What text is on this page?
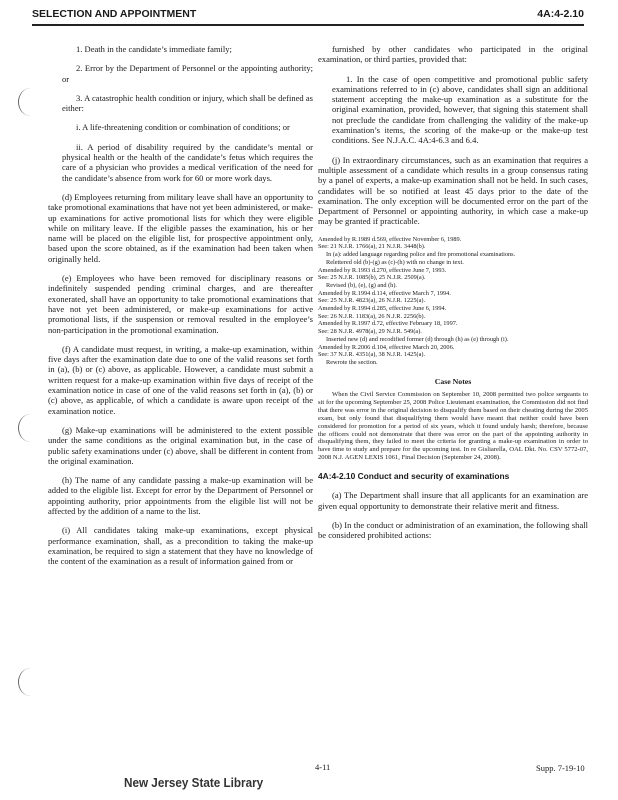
SELECTION AND APPOINTMENT	4A:4-2.10

1. Death in the candidate’s immediate family;

2. Error by the Department of Personnel or the appointing authority; or

3. A catastrophic health condition or injury, which shall be defined as either:

i. A life-threatening condition or combination of conditions; or

ii. A period of disability required by the candidate’s mental or physical health or the health of the candidate’s fetus which requires the care of a physician who provides a medical verification of the need for the candidate’s absence from work for 60 or more work days.

(d) Employees returning from military leave shall have an opportunity to take promotional examinations that have not yet been administered, or make-up examinations for active promotional lists for which they were eligible while on military leave. If the eligible passes the examination, his or her name will be placed on the eligible list, for prospective appointment only, based upon the score obtained, as if the examination had been taken when originally held.

(e) Employees who have been removed for disciplinary reasons or indefinitely suspended pending criminal charges, and are thereafter exonerated, shall have an opportunity to take promotional examinations that have not yet been administered, or make-up examinations for active promotional lists, if the suspension or removal resulted in the employee’s non-participation in the promotional examination.

(f) A candidate must request, in writing, a make-up examination, within five days after the examination date due to one of the valid reasons set forth in (a), (b) or (c) above, as applicable. However, a candidate must submit a written request for a make-up examination within five days of receipt of the examination notice in case of one of the valid reasons set forth in (a), (b) or (c) above, as applicable, of which a candidate is aware upon receipt of the examination notice.

(g) Make-up examinations will be administered to the extent possible under the same conditions as the original examination but, in the case of public safety examinations under (c) above, shall be different in content from the original examination.

(h) The name of any candidate passing a make-up examination will be added to the eligible list. Except for error by the Department of Personnel or appointing authority, prior appointments from the eligible list will not be affected by the addition of a name to the list.

(i) All candidates taking make-up examinations, except physical performance examination, shall, as a precondition to taking the make-up examination, be required to sign a statement that they have no knowledge of the content of the examination as a result of information gained from or

furnished by other candidates who participated in the original examination, or third parties, provided that:

1. In the case of open competitive and promotional public safety examinations referred to in (c) above, candidates shall sign an additional statement accepting the make-up examination as a substitute for the original examination, provided, however, that signing this statement shall not preclude the candidate from challenging the validity of the make-up examination’s items, the scoring of the make-up or the make-up test conditions. See N.J.A.C. 4A:4-6.3 and 6.4.

(j) In extraordinary circumstances, such as an examination that requires a multiple assessment of a candidate which results in a group consensus rating by a panel of experts, a make-up examination shall not be held. In such cases, candidates will be so notified at least 45 days prior to the date of the examination. The only exception will be documented error on the part of the Department of Personnel or appointing authority, in which case a make-up may be granted if practicable.

Amended by R.1989 d.569, effective November 6, 1989.
See: 21 N.J.R. 1766(a), 21 N.J.R. 3448(b).
In (a): added language regarding police and fire promotional examinations.
Relettered old (b)-(g) as (c)-(h) with no change in text.
Amended by R.1993 d.270, effective June 7, 1993.
See: 25 N.J.R. 1085(b), 25 N.J.R. 2509(a).
Revised (b), (e), (g) and (h).
Amended by R.1994 d.114, effective March 7, 1994.
See: 25 N.J.R. 4823(a), 26 N.J.R. 1225(a).
Amended by R.1994 d.285, effective June 6, 1994.
See: 26 N.J.R. 1183(a), 26 N.J.R. 2256(b).
Amended by R.1997 d.72, effective February 18, 1997.
See: 28 N.J.R. 4978(a), 29 N.J.R. 549(a).
Inserted new (d) and recodified former (d) through (h) as (e) through (i).
Amended by R.2006 d.104, effective March 20, 2006.
See: 37 N.J.R. 4351(a), 38 N.J.R. 1425(a).
Rewrote the section.
Case Notes

When the Civil Service Commission on September 10, 2008 permitted two police sergeants to sit for the upcoming September 25, 2008 Police Lieutenant examination, the Commission did not find that there was error in the original decision to disqualify them based on their cheating during the 2005 exam, but only found that disqualifying them would have meant that neither could have been considered for promotion for a period of six years, which it found unduly harsh; therefore, because the officers could not demonstrate that there was error on the part of the appointing authority in disqualifying them, they failed to meet the criteria for granting a make-up examination in order to have time to study and prepare for the upcoming test. In re Gisliarella, OAL Dkt. No. CSV 5772-07, 2008 N.J. AGEN LEXIS 1061, Final Decision (September 24, 2008).

4A:4-2.10 Conduct and security of examinations

(a) The Department shall insure that all applicants for an examination are given equal opportunity to demonstrate their relative merit and fitness.

(b) In the conduct or administration of an examination, the following shall be considered prohibited actions:

New Jersey State Library
4-11	Supp. 7-19-10
